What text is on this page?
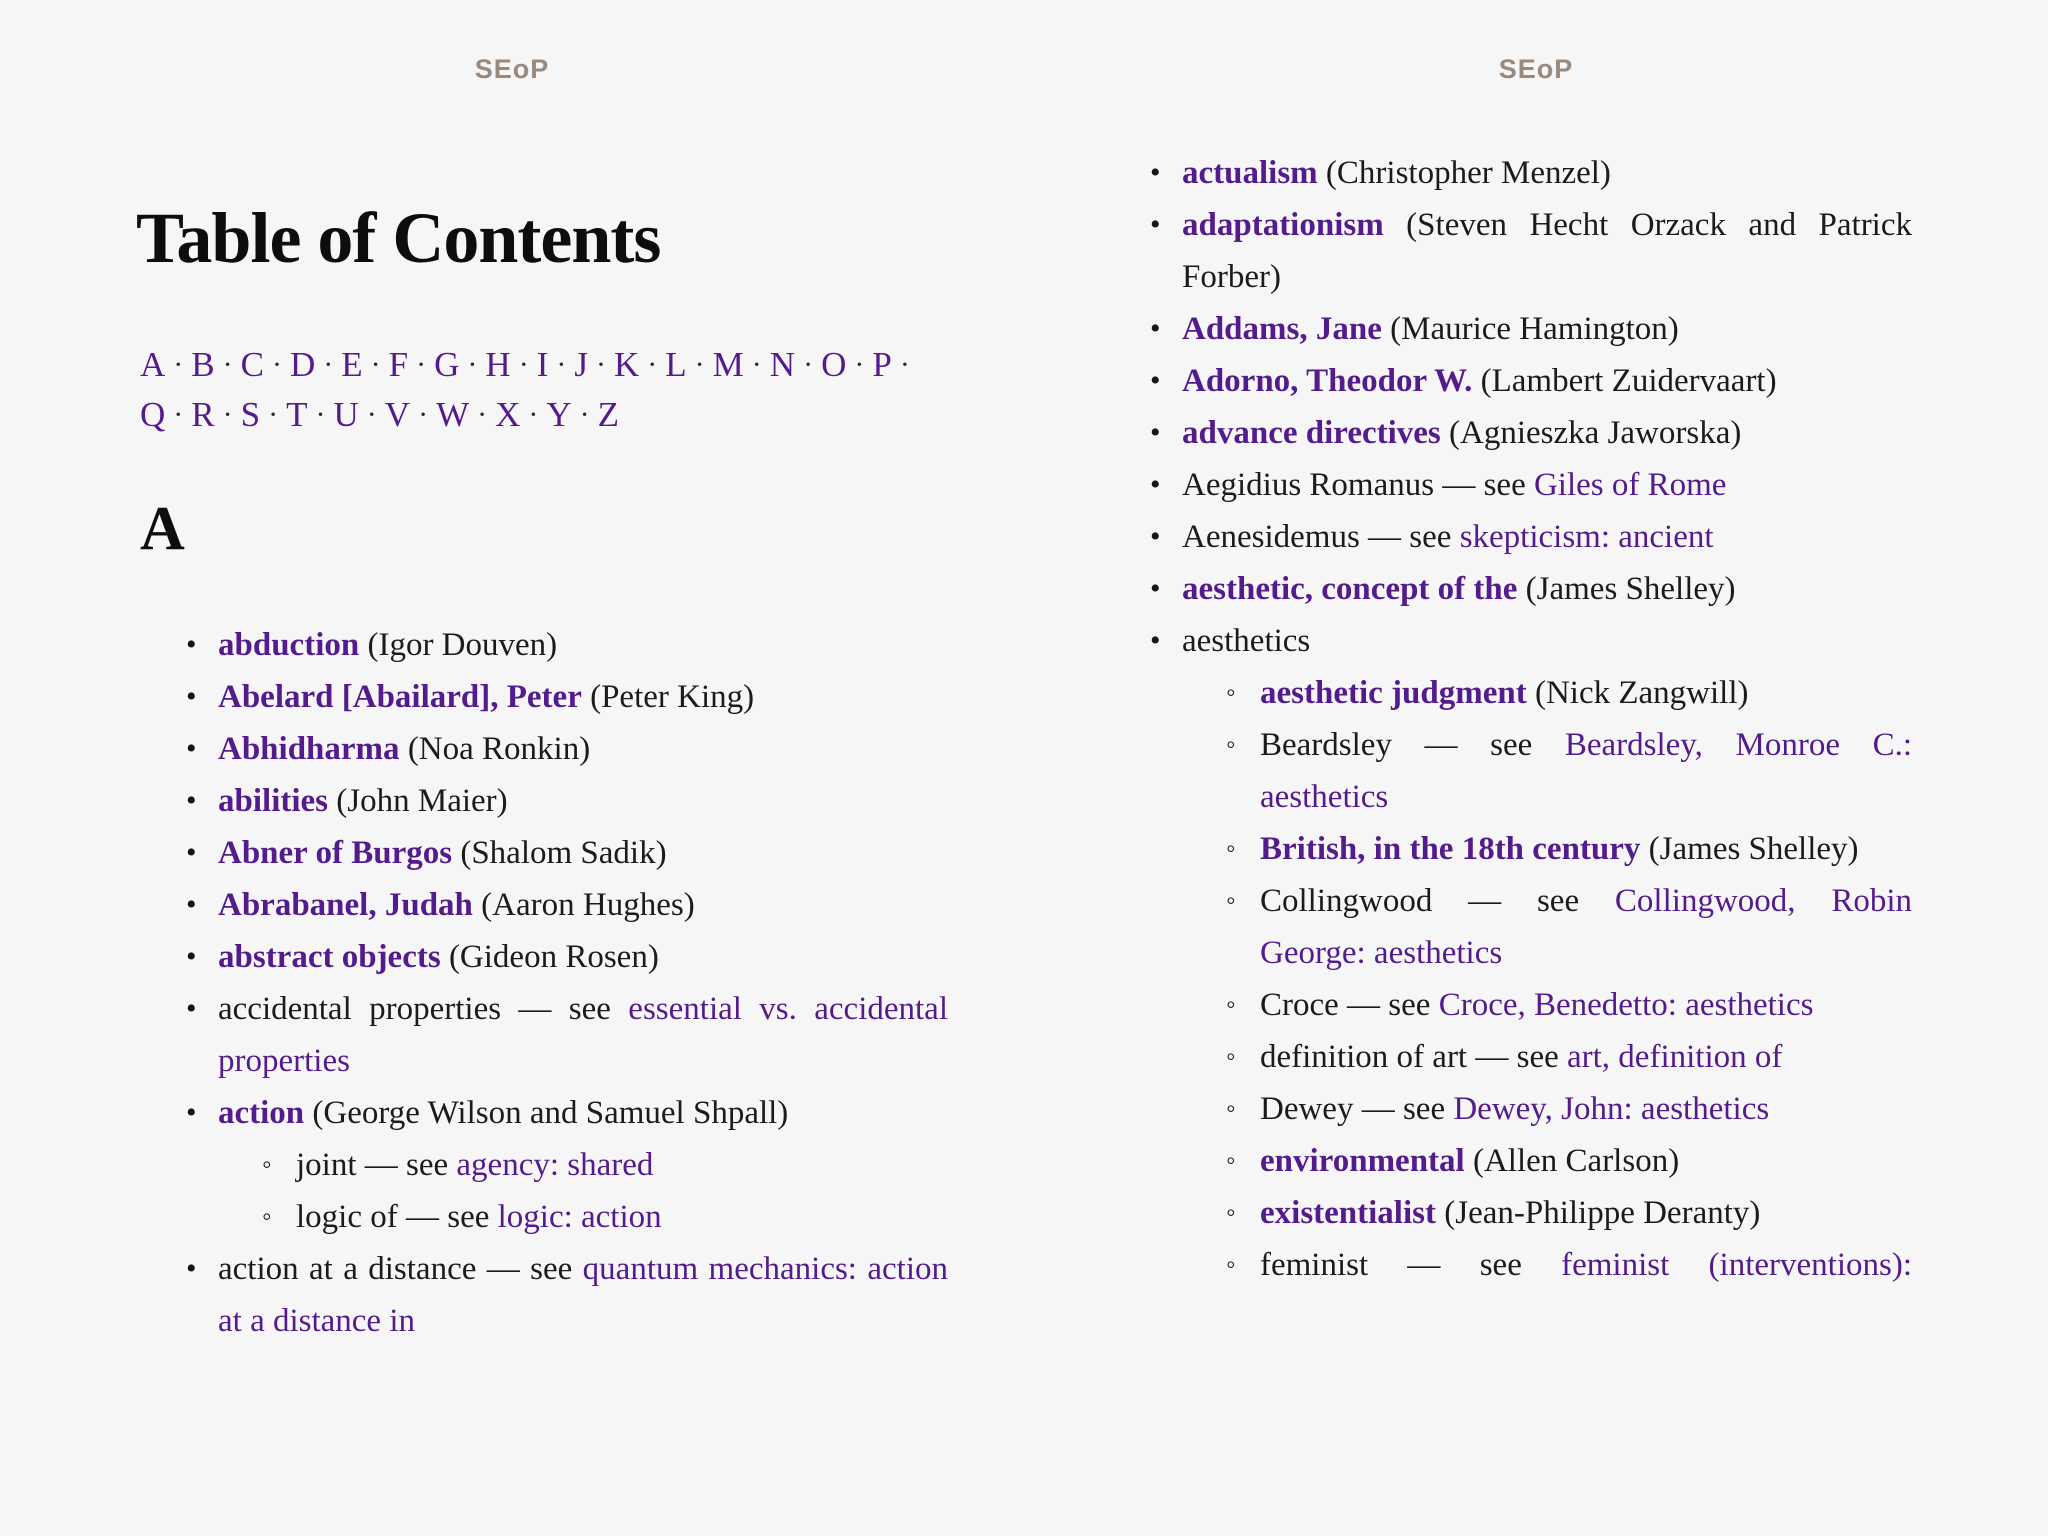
SEoP
Table of Contents
A · B · C · D · E · F · G · H · I · J · K · L · M · N · O · P ·
Q · R · S · T · U · V · W · X · Y · Z
A
• abduction (Igor Douven)
• Abelard [Abailard], Peter (Peter King)
• Abhidharma (Noa Ronkin)
• abilities (John Maier)
• Abner of Burgos (Shalom Sadik)
• Abrabanel, Judah (Aaron Hughes)
• abstract objects (Gideon Rosen)
• accidental properties — see essential vs. accidental properties
• action (George Wilson and Samuel Shpall)
◦ joint — see agency: shared
◦ logic of — see logic: action
• action at a distance — see quantum mechanics: action at a distance in
SEoP
• actualism (Christopher Menzel)
• adaptationism (Steven Hecht Orzack and Patrick Forber)
• Addams, Jane (Maurice Hamington)
• Adorno, Theodor W. (Lambert Zuidervaart)
• advance directives (Agnieszka Jaworska)
• Aegidius Romanus — see Giles of Rome
• Aenesidemus — see skepticism: ancient
• aesthetic, concept of the (James Shelley)
• aesthetics
◦ aesthetic judgment (Nick Zangwill)
◦ Beardsley — see Beardsley, Monroe C.: aesthetics
◦ British, in the 18th century (James Shelley)
◦ Collingwood — see Collingwood, Robin George: aesthetics
◦ Croce — see Croce, Benedetto: aesthetics
◦ definition of art — see art, definition of
◦ Dewey — see Dewey, John: aesthetics
◦ environmental (Allen Carlson)
◦ existentialist (Jean-Philippe Deranty)
◦ feminist — see feminist (interventions):
